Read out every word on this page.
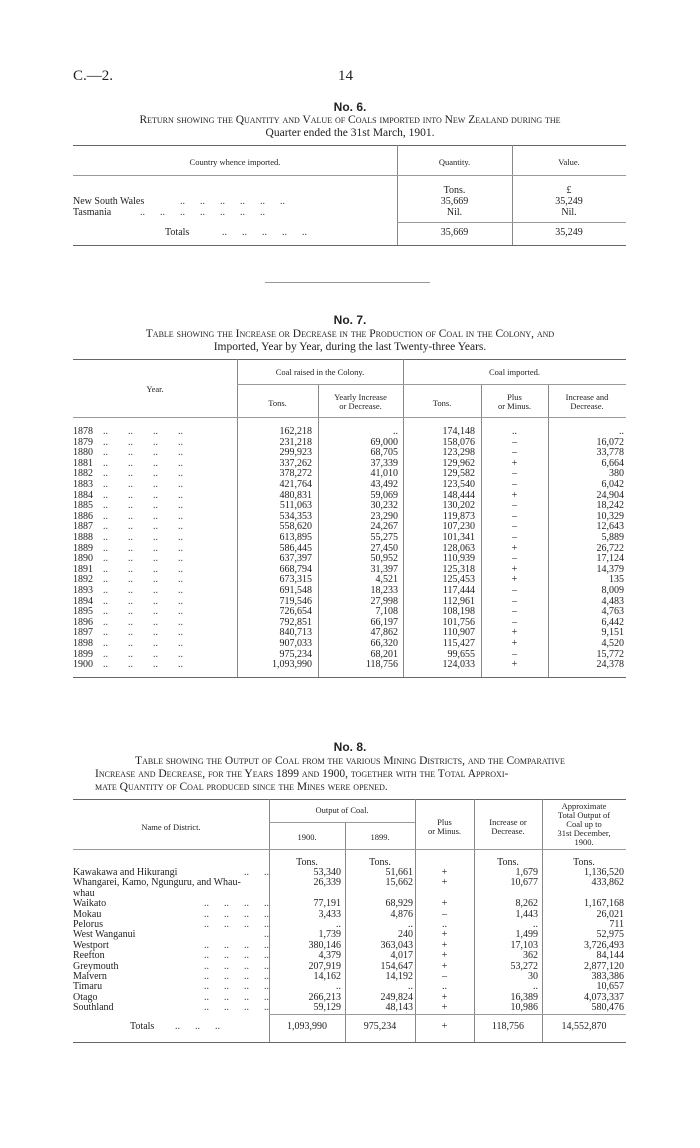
C.—2.	14
No. 6.
Return showing the Quantity and Value of Coals imported into New Zealand during the
Quarter ended the 31st March, 1901.
Country whence imported.	Quantity.	Value.
Tons.	£
New South Wales	..      ..      ..      ..      ..      ..	35,669	35,249
Tasmania	..      ..      ..      ..      ..      ..      ..	Nil.	Nil.
Totals	..      ..      ..      ..      ..	35,669	35,249
No. 7.
Table showing the Increase or Decrease in the Production of Coal in the Colony, and
Imported, Year by Year, during the last Twenty-three Years.
Year.
Coal raised in the Colony.	Coal imported.
Tons.
Yearly Increase
or Decrease.	Tons.
Plus
or Minus.
Increase and
Decrease.
..        ..        ..        ..
1878	162,218	..	174,148	..	..
..        ..        ..        ..
1879	231,218	69,000	158,076	–	16,072
..        ..        ..        ..
1880	299,923	68,705	123,298	–	33,778
..        ..        ..        ..
1881	337,262	37,339	129,962	+	6,664
..        ..        ..        ..
1882	378,272	41,010	129,582	–	380
..        ..        ..        ..
1883	421,764	43,492	123,540	–	6,042
..        ..        ..        ..
1884	480,831	59,069	148,444	+	24,904
..        ..        ..        ..
1885	511,063	30,232	130,202	–	18,242
..        ..        ..        ..
1886	534,353	23,290	119,873	–	10,329
..        ..        ..        ..
1887	558,620	24,267	107,230	–	12,643
..        ..        ..        ..
1888	613,895	55,275	101,341	–	5,889
..        ..        ..        ..
1889	586,445	27,450	128,063	+	26,722
..        ..        ..        ..
1890	637,397	50,952	110,939	–	17,124
..        ..        ..        ..
1891	668,794	31,397	125,318	+	14,379
..        ..        ..        ..
1892	673,315	4,521	125,453	+	135
..        ..        ..        ..
1893	691,548	18,233	117,444	–	8,009
..        ..        ..        ..
1894	719,546	27,998	112,961	–	4,483
..        ..        ..        ..
1895	726,654	7,108	108,198	–	4,763
..        ..        ..        ..
1896	792,851	66,197	101,756	–	6,442
..        ..        ..        ..
1897	840,713	47,862	110,907	+	9,151
..        ..        ..        ..
1898	907,033	66,320	115,427	+	4,520
..        ..        ..        ..
1899	975,234	68,201	99,655	–	15,772
..        ..        ..        ..
1900	1,093,990	118,756	124,033	+	24,378
No. 8.
Table showing the Output of Coal from the various Mining Districts, and the Comparative
Increase and Decrease, for the Years 1899 and 1900, together with the Total Approxi-
mate Quantity of Coal produced since the Mines were opened.
Name of District.
Output of Coal.
1900.	1899.
Plus
or Minus.
Increase or
Decrease.
Approximate
Total Output of
Coal up to
31st December,
1900.
Tons.	Tons.	Tons.	Tons.
..      ..
Kawakawa and Hikurangi	53,340	51,661	+	1,679	1,136,520
Whangarei, Kamo, Ngunguru, and Whau-	26,339	15,662	+	10,677	433,862
whau
..      ..      ..      ..
Waikato	77,191	68,929	+	8,262	1,167,168
..      ..      ..      ..
Mokau	3,433	4,876	–	1,443	26,021
..      ..      ..      ..
Pelorus	..	..	..	..	711
..
West Wanganui	1,739	240	+	1,499	52,975
..      ..      ..      ..
Westport	380,146	363,043	+	17,103	3,726,493
..      ..      ..      ..
Reefton	4,379	4,017	+	362	84,144
..      ..      ..      ..
Greymouth	207,919	154,647	+	53,272	2,877,120
..      ..      ..      ..
Malvern	14,162	14,192	–	30	383,386
..      ..      ..      ..
Timaru	..	..	..	..	10,657
..      ..      ..      ..
Otago	266,213	249,824	+	16,389	4,073,337
..      ..      ..      ..
Southland	59,129	48,143	+	10,986	580,476
Totals ..      ..      ..	1,093,990	975,234	+	118,756	14,552,870
